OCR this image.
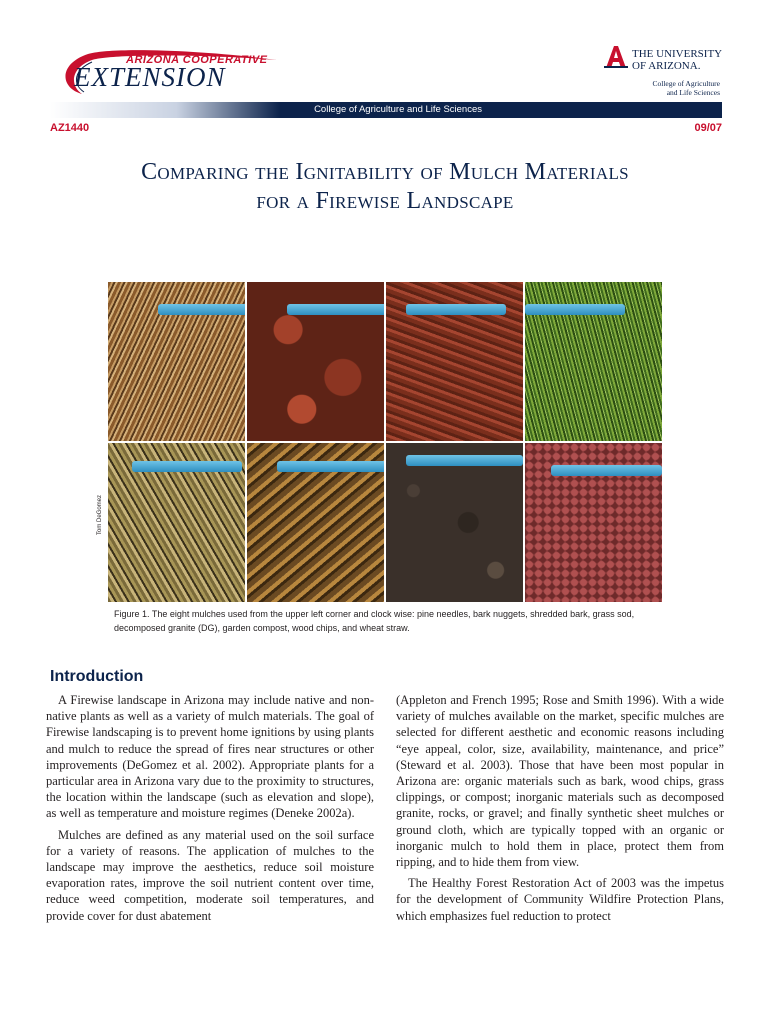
ARIZONA COOPERATIVE
EXTENSION
THE UNIVERSITY
OF ARIZONA.
College of Agriculture
and Life Sciences
College of Agriculture and Life Sciences
AZ1440	09/07
Comparing the Ignitability of Mulch Materials
for a Firewise Landscape
Tom DeGomez
Figure 1. The eight mulches used from the upper left corner and clock wise: pine needles, bark nuggets, shredded bark, grass sod, decomposed granite (DG), garden compost, wood chips, and wheat straw.
Introduction

A Firewise landscape in Arizona may include native and non-native plants as well as a variety of mulch materials. The goal of Firewise landscaping is to prevent home ignitions by using plants and mulch to reduce the spread of fires near structures or other improvements (DeGomez et al. 2002). Appropriate plants for a particular area in Arizona vary due to the proximity to structures, the location within the landscape (such as elevation and slope), as well as temperature and moisture regimes (Deneke 2002a).

Mulches are defined as any material used on the soil surface for a variety of reasons. The application of mulches to the landscape may improve the aesthetics, reduce soil moisture evaporation rates, improve the soil nutrient content over time, reduce weed competition, moderate soil temperatures, and provide cover for dust abatement

(Appleton and French 1995; Rose and Smith 1996). With a wide variety of mulches available on the market, specific mulches are selected for different aesthetic and economic reasons including “eye appeal, color, size, availability, maintenance, and price” (Steward et al. 2003). Those that have been most popular in Arizona are: organic materials such as bark, wood chips, grass clippings, or compost; inorganic materials such as decomposed granite, rocks, or gravel; and finally synthetic sheet mulches or ground cloth, which are typically topped with an organic or inorganic mulch to hold them in place, protect them from ripping, and to hide them from view.

The Healthy Forest Restoration Act of 2003 was the impetus for the development of Community Wildfire Protection Plans, which emphasizes fuel reduction to protect
